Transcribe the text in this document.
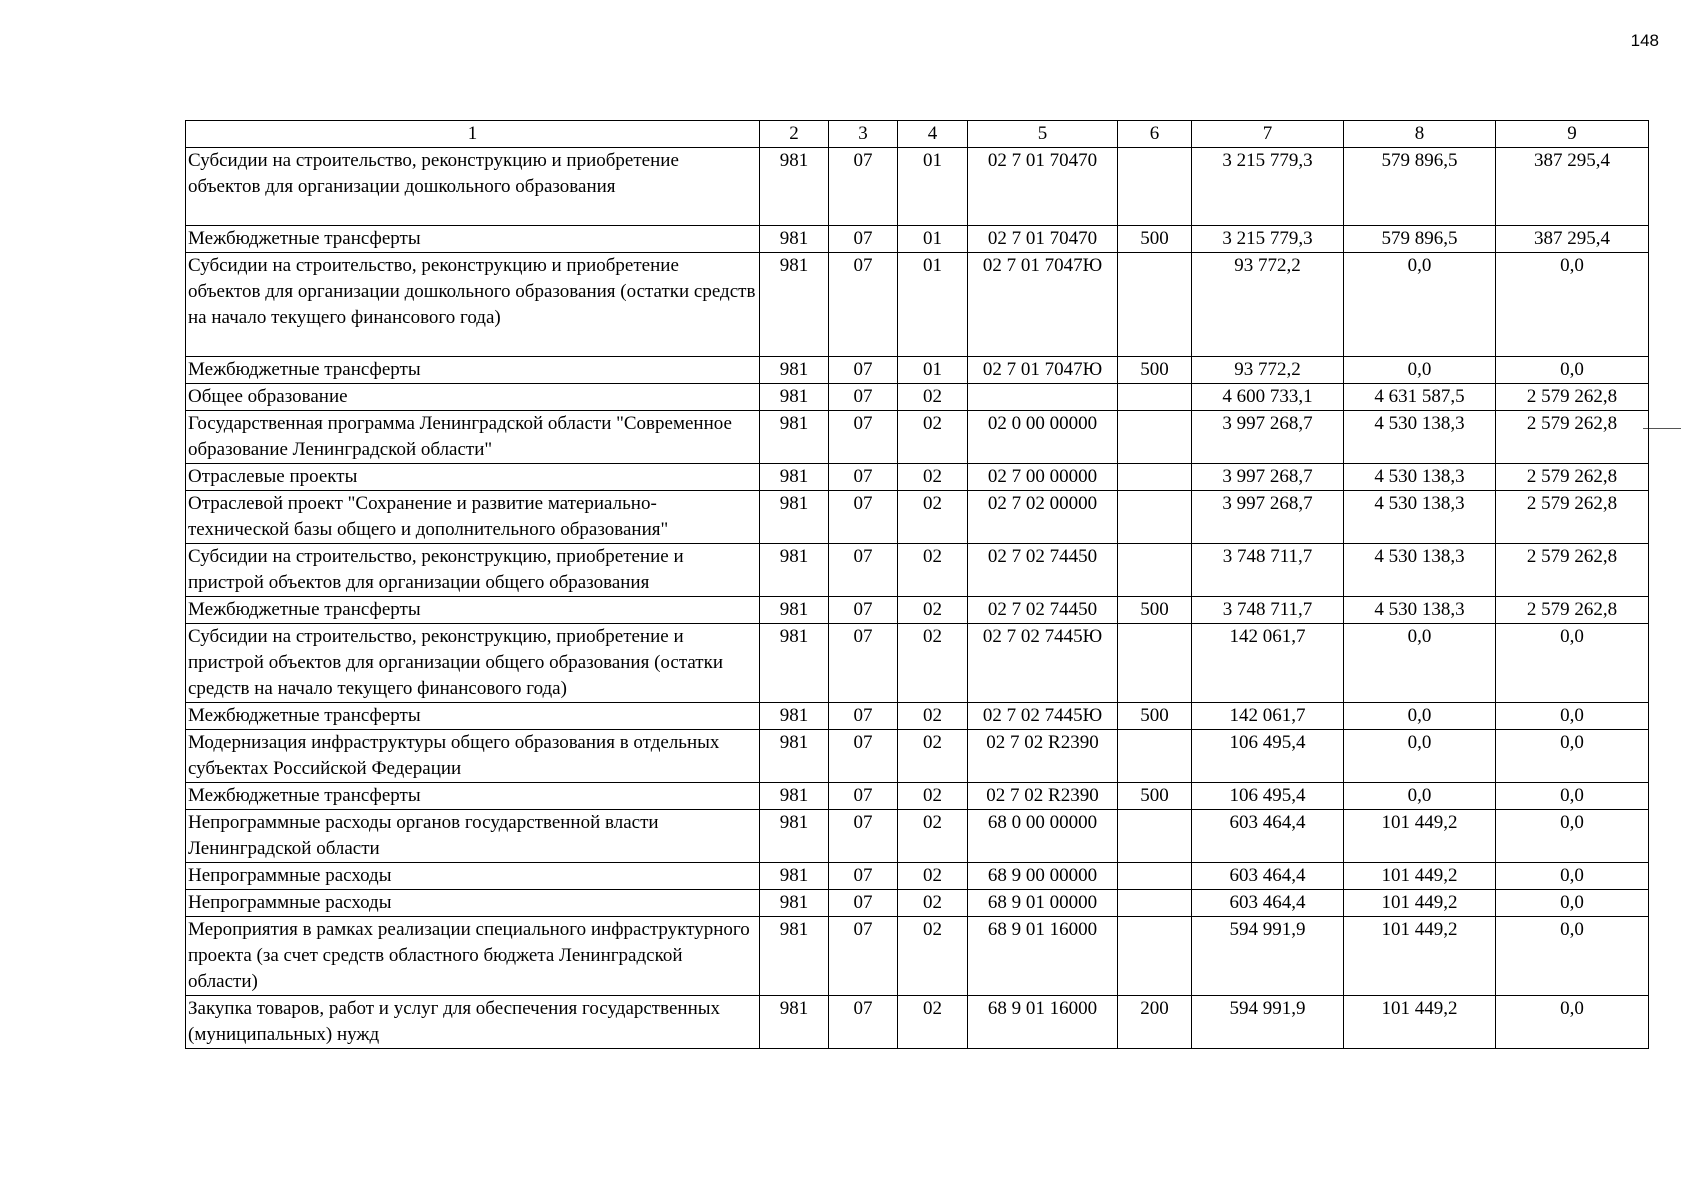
148
1	2	3	4	5	6	7	8	9
Субсидии на строительство, реконструкцию и приобретение объектов для организации дошкольного образования	981	07	01	02 7 01 70470		3 215 779,3	579 896,5	387 295,4
Межбюджетные трансферты	981	07	01	02 7 01 70470	500	3 215 779,3	579 896,5	387 295,4
Субсидии на строительство, реконструкцию и приобретение объектов для организации дошкольного образования (остатки средств на начало текущего финансового года)	981	07	01	02 7 01 7047Ю		93 772,2	0,0	0,0
Межбюджетные трансферты	981	07	01	02 7 01 7047Ю	500	93 772,2	0,0	0,0
Общее образование	981	07	02			4 600 733,1	4 631 587,5	2 579 262,8
Государственная программа Ленинградской области "Современное образование Ленинградской области"	981	07	02	02 0 00 00000		3 997 268,7	4 530 138,3	2 579 262,8
Отраслевые проекты	981	07	02	02 7 00 00000		3 997 268,7	4 530 138,3	2 579 262,8
Отраслевой проект "Сохранение и развитие материально-технической базы общего и дополнительного образования"	981	07	02	02 7 02 00000		3 997 268,7	4 530 138,3	2 579 262,8
Субсидии на строительство, реконструкцию, приобретение и пристрой объектов для организации общего образования	981	07	02	02 7 02 74450		3 748 711,7	4 530 138,3	2 579 262,8
Межбюджетные трансферты	981	07	02	02 7 02 74450	500	3 748 711,7	4 530 138,3	2 579 262,8
Субсидии на строительство, реконструкцию, приобретение и пристрой объектов для организации общего образования (остатки средств на начало текущего финансового года)	981	07	02	02 7 02 7445Ю		142 061,7	0,0	0,0
Межбюджетные трансферты	981	07	02	02 7 02 7445Ю	500	142 061,7	0,0	0,0
Модернизация инфраструктуры общего образования в отдельных субъектах Российской Федерации	981	07	02	02 7 02 R2390		106 495,4	0,0	0,0
Межбюджетные трансферты	981	07	02	02 7 02 R2390	500	106 495,4	0,0	0,0
Непрограммные расходы органов государственной власти Ленинградской области	981	07	02	68 0 00 00000		603 464,4	101 449,2	0,0
Непрограммные расходы	981	07	02	68 9 00 00000		603 464,4	101 449,2	0,0
Непрограммные расходы	981	07	02	68 9 01 00000		603 464,4	101 449,2	0,0
Мероприятия в рамках реализации специального инфраструктурного проекта (за счет средств областного бюджета Ленинградской области)	981	07	02	68 9 01 16000		594 991,9	101 449,2	0,0
Закупка товаров, работ и услуг для обеспечения государственных (муниципальных) нужд	981	07	02	68 9 01 16000	200	594 991,9	101 449,2	0,0
